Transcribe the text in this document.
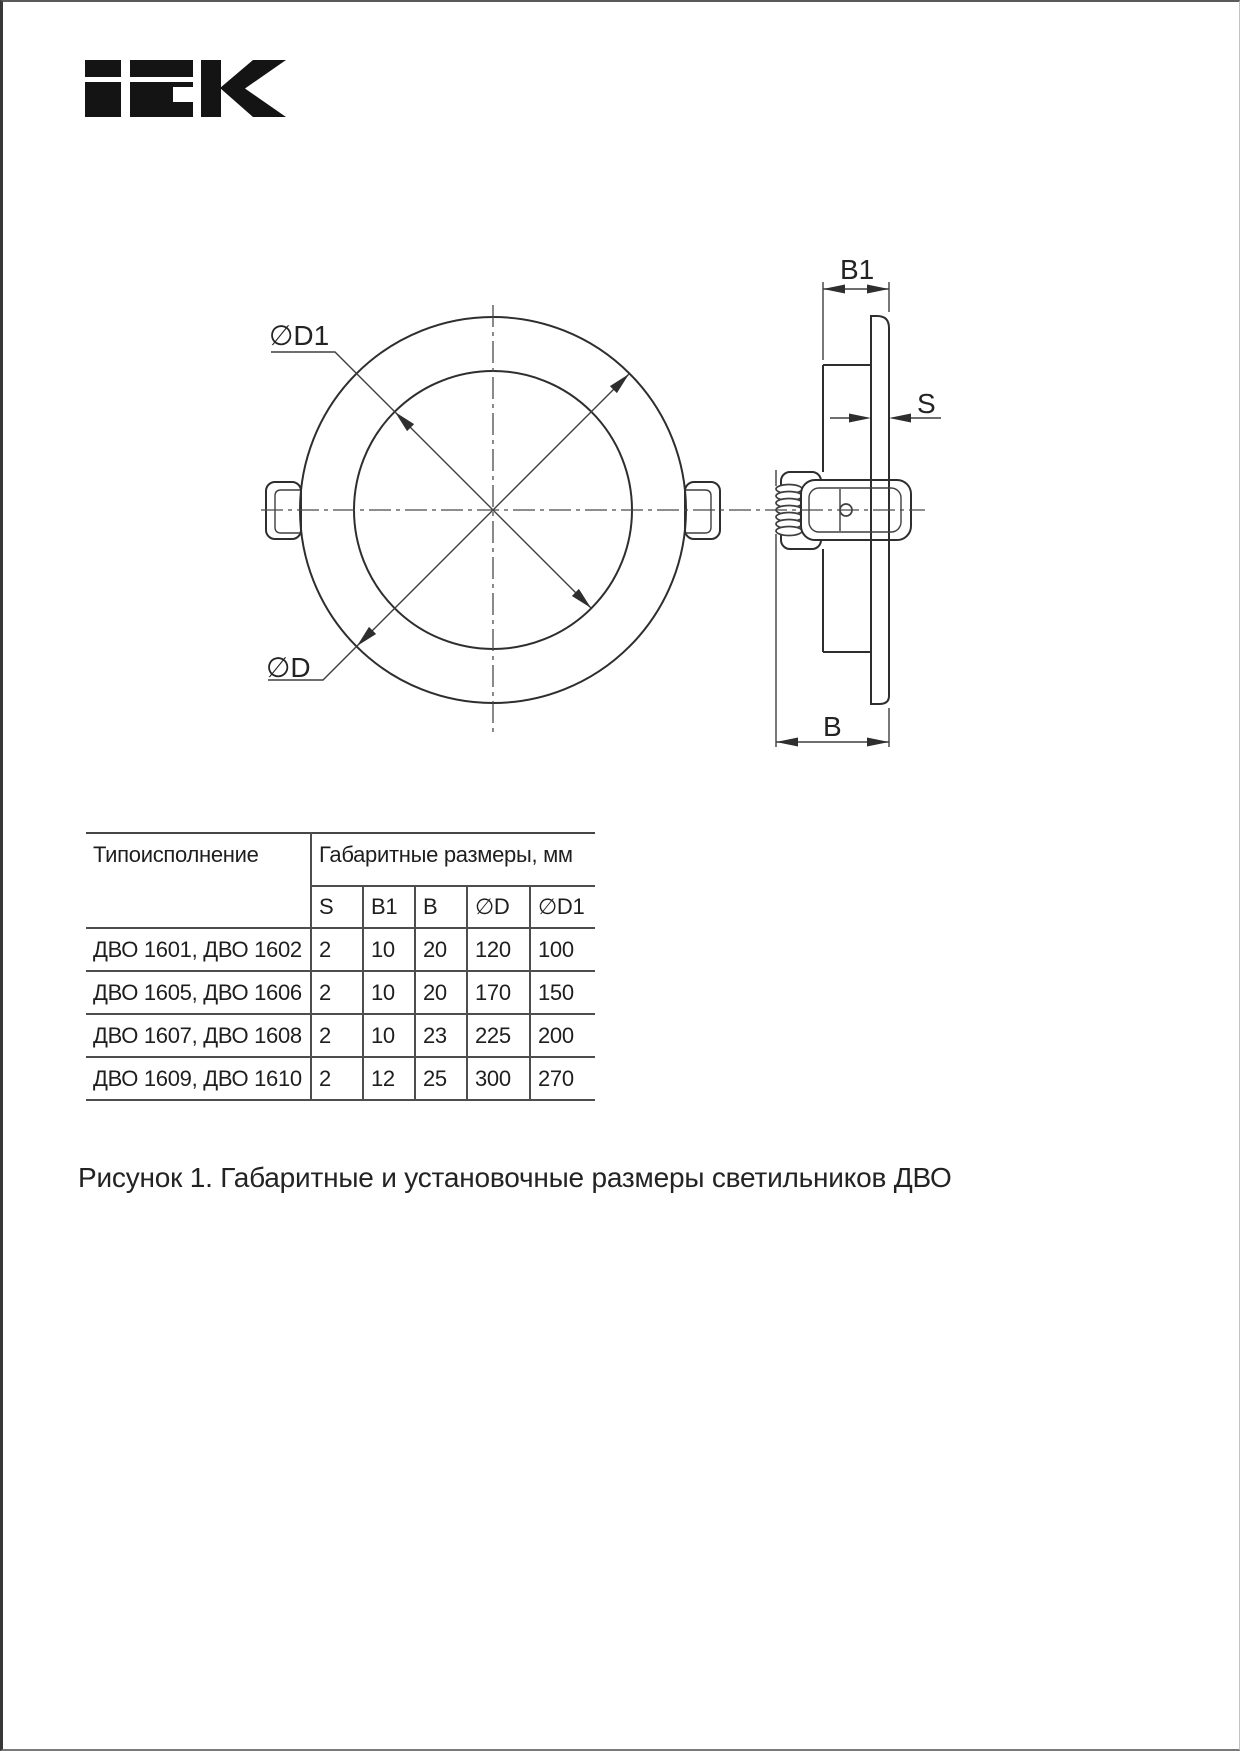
∅D1
∅D
B1
S
B
Типоисполнение	Габаритные размеры, мм				
	S	B1	B	∅D	∅D1
ДВО 1601, ДВО 1602	2	10	20	120	100
ДВО 1605, ДВО 1606	2	10	20	170	150
ДВО 1607, ДВО 1608	2	10	23	225	200
ДВО 1609, ДВО 1610	2	12	25	300	270
Рисунок 1. Габаритные и установочные размеры светильников ДВО
